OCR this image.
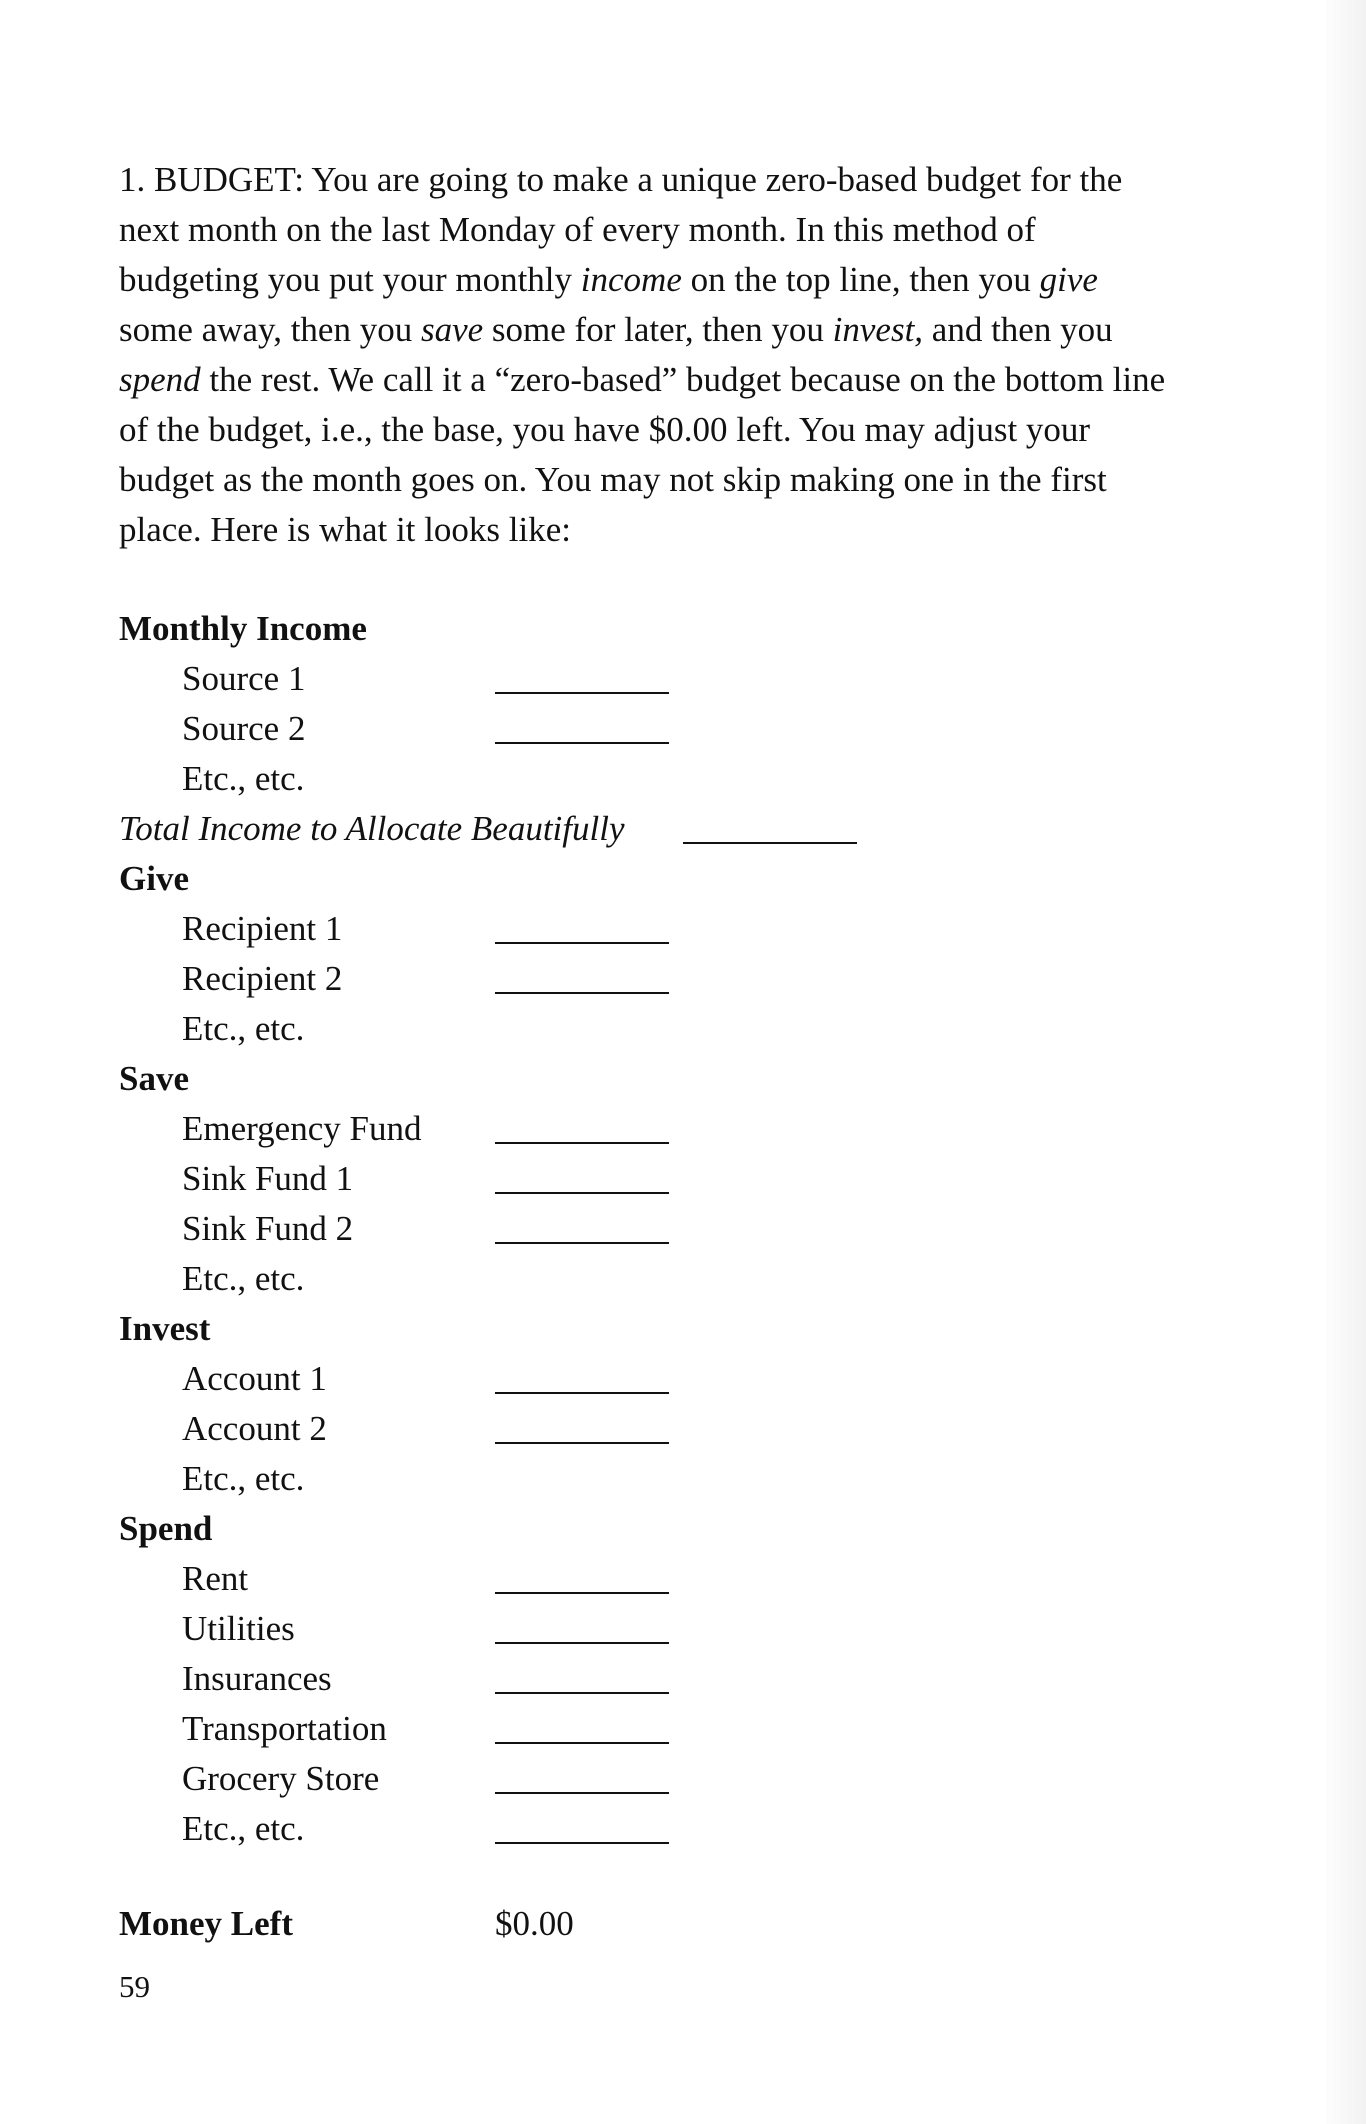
1. BUDGET: You are going to make a unique zero-based budget for the next month on the last Monday of every month. In this method of budgeting you put your monthly income on the top line, then you give some away, then you save some for later, then you invest, and then you spend the rest. We call it a “zero-based” budget because on the bottom line of the budget, i.e., the base, you have $0.00 left. You may adjust your budget as the month goes on. You may not skip making one in the first place. Here is what it looks like:

Monthly Income
Source 1
Source 2
Etc., etc.
Total Income to Allocate Beautifully
Give
Recipient 1
Recipient 2
Etc., etc.
Save
Emergency Fund
Sink Fund 1
Sink Fund 2
Etc., etc.
Invest
Account 1
Account 2
Etc., etc.
Spend
Rent
Utilities
Insurances
Transportation
Grocery Store
Etc., etc.
Money Left	$0.00
59
